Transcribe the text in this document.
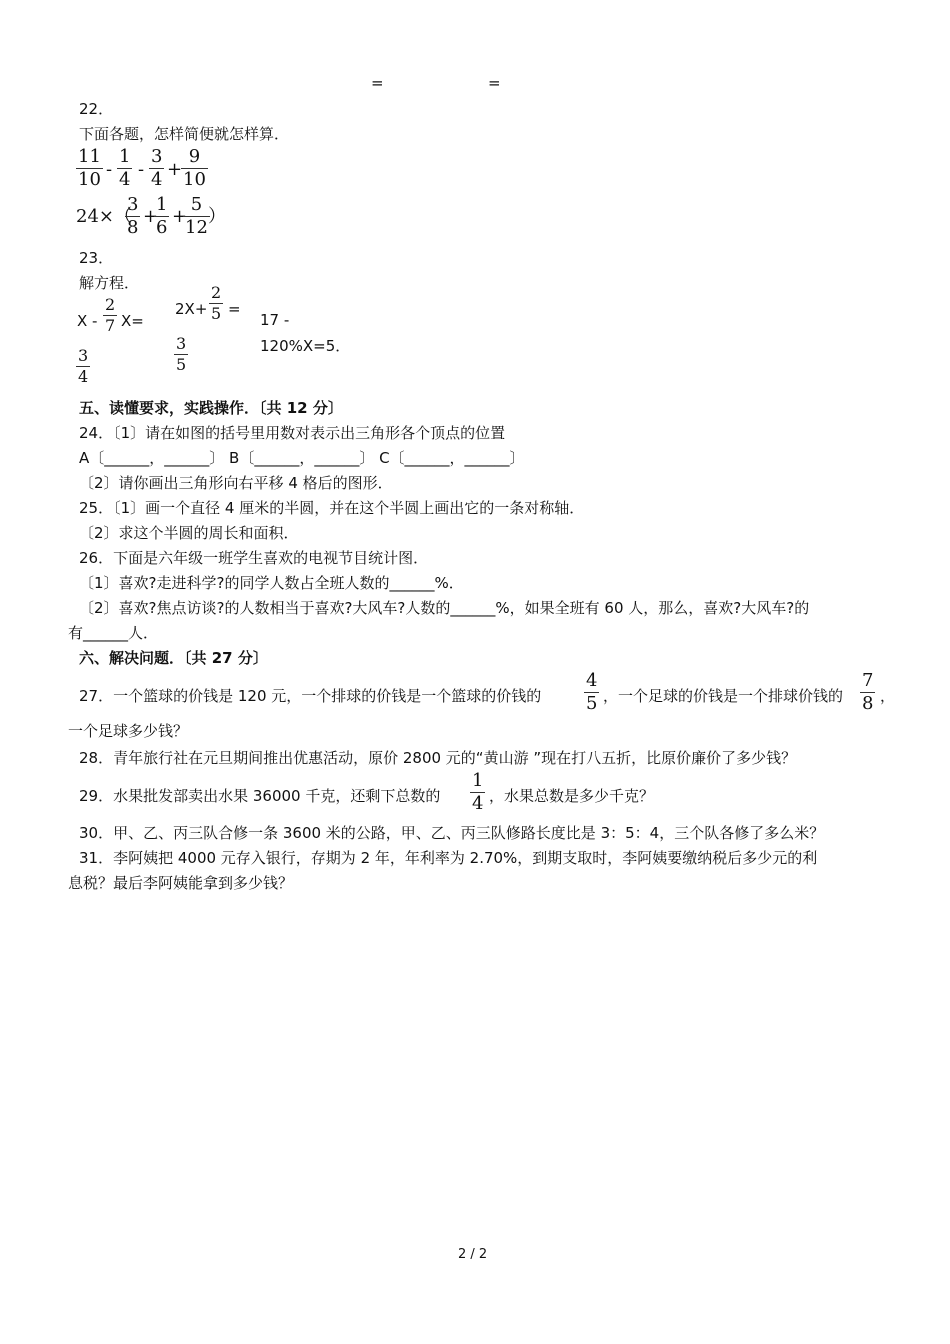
=	=
22．
下面各题，怎样简便就怎样算．
11
10 -
1
4 -
3
4 +
9
10
24×（
3
8
+
1
6
+
5
12
）
23．
解方程．
X -
2
7 X=
3
4
2X+
2
5 =
3
5
17 -
120%X=5．
五、读懂要求，实践操作．〔共 12 分〕
24．〔1〕请在如图的括号里用数对表示出三角形各个顶点的位置
A〔______，______〕 B〔______，______〕 C〔______，______〕
〔2〕请你画出三角形向右平移 4 格后的图形．
25．〔1〕画一个直径 4 厘米的半圆，并在这个半圆上画出它的一条对称轴．
〔2〕求这个半圆的周长和面积．
26．下面是六年级一班学生喜欢的电视节目统计图．
〔1〕喜欢?走进科学?的同学人数占全班人数的______%．
〔2〕喜欢?焦点访谈?的人数相当于喜欢?大风车?人数的______%，如果全班有 60 人，那么，喜欢?大风车?的
有______人．
六、解决问题．〔共 27 分〕
27．一个篮球的价钱是 120 元，一个排球的价钱是一个篮球的价钱的
4
5 ，一个足球的价钱是一个排球价钱的
7
8 ，
一个足球多少钱？
28．青年旅行社在元旦期间推出优惠活动，原价 2800 元的“黄山游 ”现在打八五折，比原价廉价了多少钱？
29．水果批发部卖出水果 36000 千克，还剩下总数的
1
4 ，水果总数是多少千克？
30．甲、乙、丙三队合修一条 3600 米的公路，甲、乙、丙三队修路长度比是 3：5：4，三个队各修了多么米？
31．李阿姨把 4000 元存入银行，存期为 2 年，年利率为 2.70%，到期支取时，李阿姨要缴纳税后多少元的利
息税？最后李阿姨能拿到多少钱？
2 / 2
